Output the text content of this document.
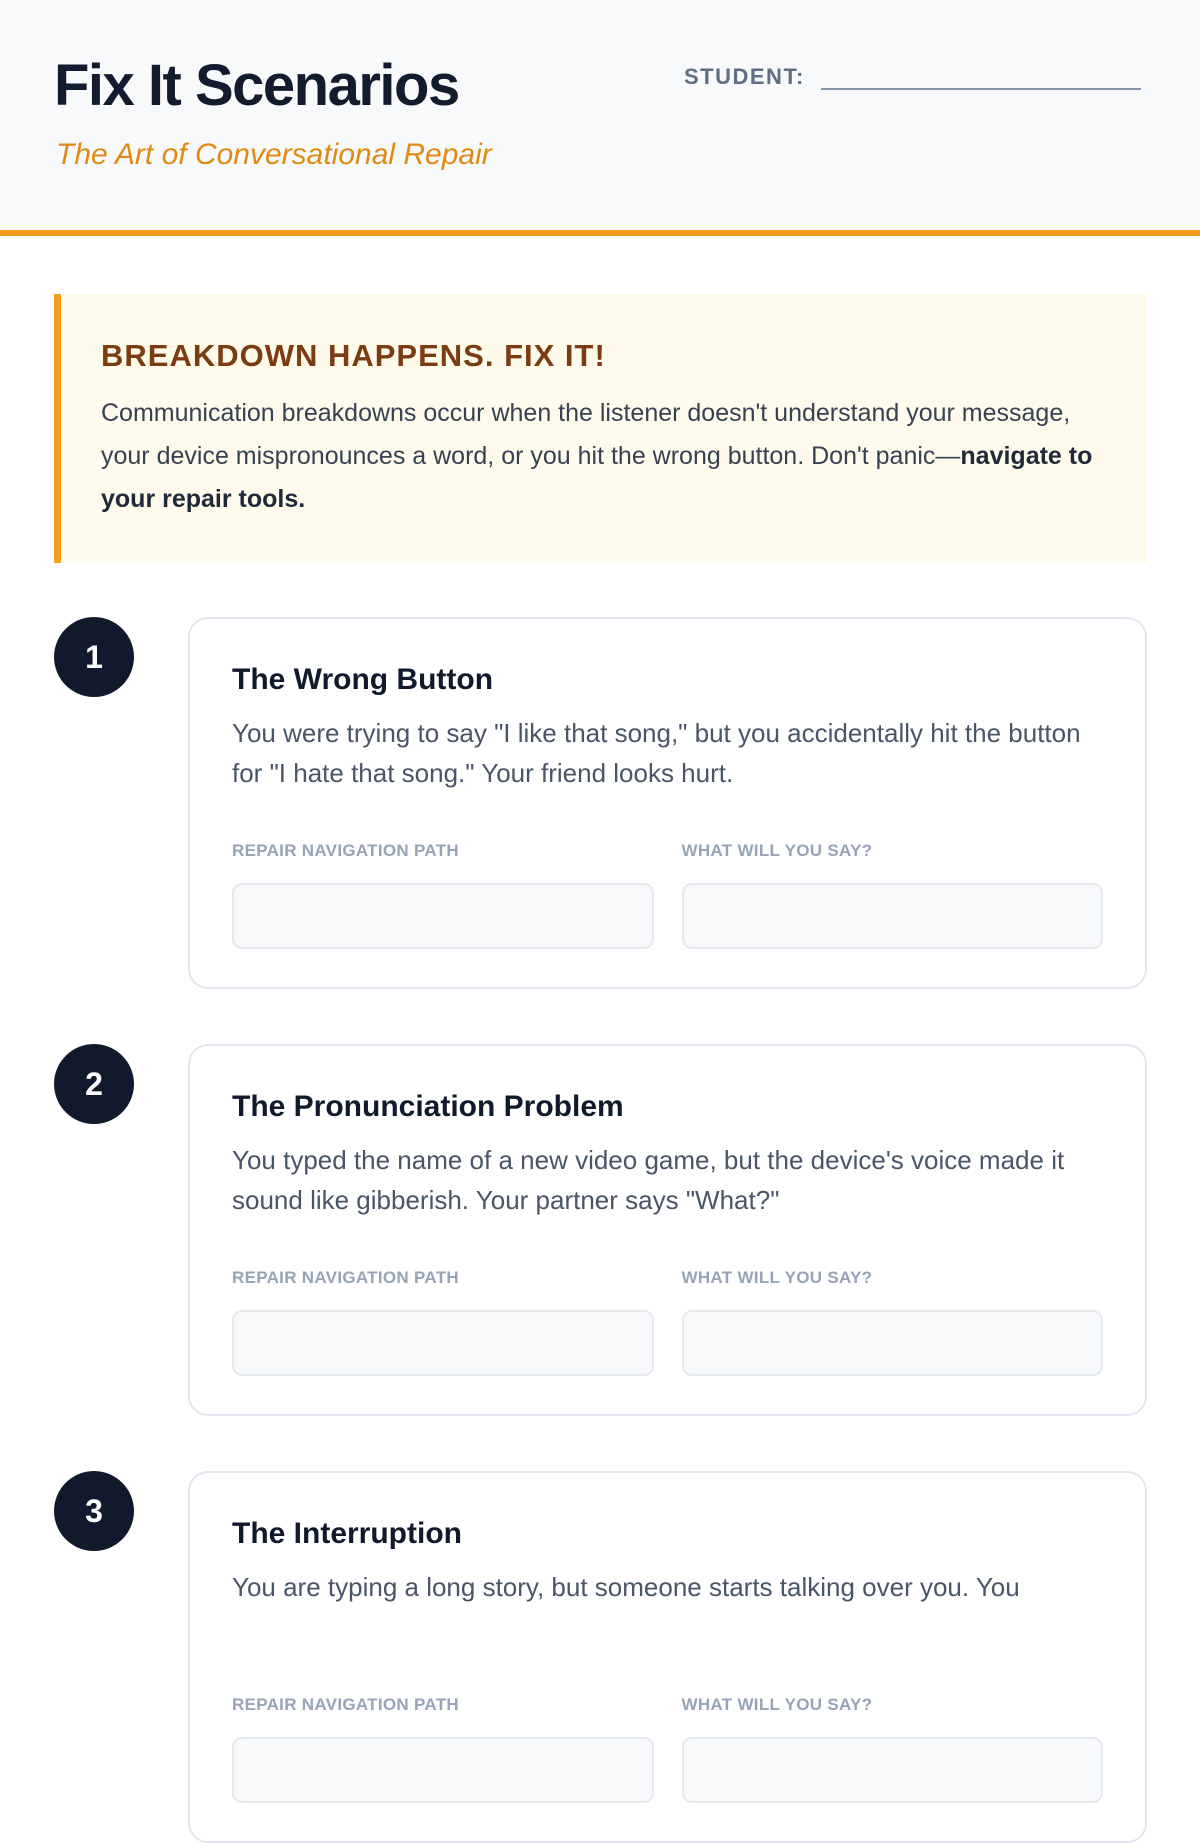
Fix It Scenarios
The Art of Conversational Repair
STUDENT:
BREAKDOWN HAPPENS. FIX IT!

Communication breakdowns occur when the listener doesn't understand your message, your device mispronounces a word, or you hit the wrong button. Don't panic—navigate to your repair tools.

1
The Wrong Button

You were trying to say "I like that song," but you accidentally hit the button for "I hate that song." Your friend looks hurt.

REPAIR NAVIGATION PATH	WHAT WILL YOU SAY?
2
The Pronunciation Problem

You typed the name of a new video game, but the device's voice made it sound like gibberish. Your partner says "What?"

REPAIR NAVIGATION PATH	WHAT WILL YOU SAY?
3
The Interruption

You are typing a long story, but someone starts talking over you. You

REPAIR NAVIGATION PATH	WHAT WILL YOU SAY?
